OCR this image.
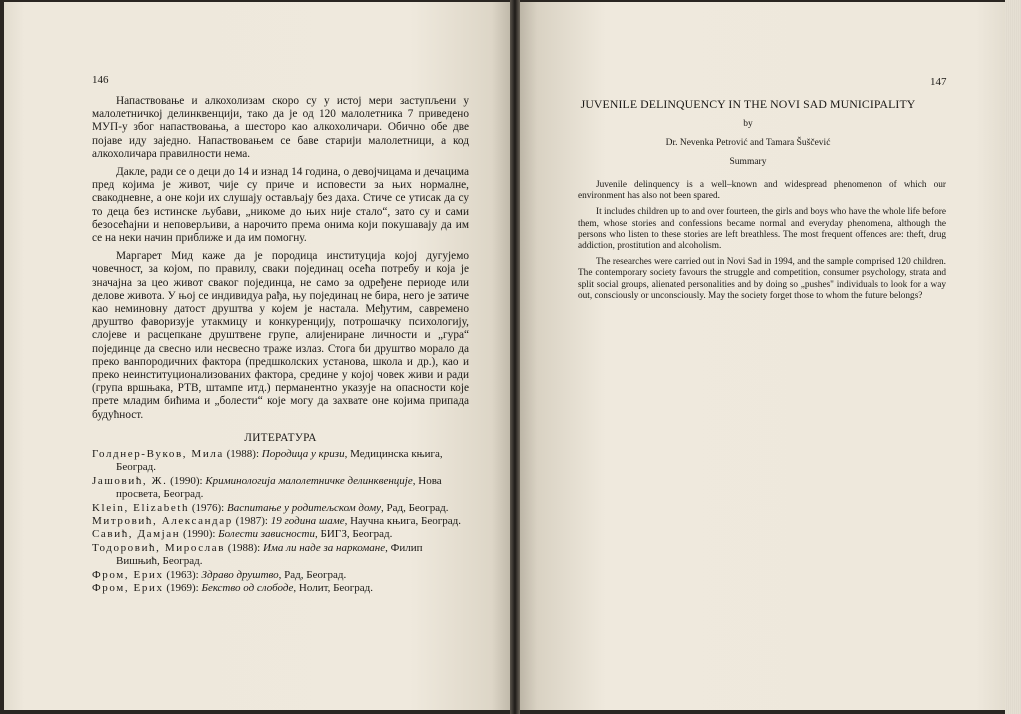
146

Напаствовање и алкохолизам скоро су у истој мери заступљени у малолетничкој делинквенцији, тако да је од 120 малолетника 7 приведено МУП-у због напаствовања, а шесторо као алкохоличари. Обично обе две појаве иду заједно. Напаствовањем се баве старији малолетници, а код алкохоличара правилности нема.

Дакле, ради се о деци до 14 и изнад 14 година, о девојчицама и дечацима пред којима је живот, чије су приче и исповести за њих нормалне, свакодневне, а оне који их слушају остављају без даха. Стиче се утисак да су то деца без истинске љубави, „никоме до њих није стало“, зато су и сами безосећајни и неповерљиви, а нарочито према онима који покушавају да им се на неки начин приближе и да им помогну.

Маргарет Мид каже да је породица институција којој дугујемо човечност, за којом, по правилу, сваки појединац осећа потребу и која је значајна за цео живот сваког појединца, не само за одређене периоде или делове живота. У њој се индивидуа рађа, њу појединац не бира, него је затиче као неминовну датост друштва у којем је настала. Међутим, савремено друштво фаворизује утакмицу и конкуренцију, потрошачку психологију, слојеве и расцепкане друштвене групе, алијениране личности и „гура“ појединце да свесно или несвесно траже излаз. Стога би друштво морало да преко ванпородичних фактора (предшколских установа, школа и др.), као и преко неинституционализованих фактора, средине у којој човек живи и ради (група вршњака, РТВ, штампе итд.) перманентно указује на опасности које прете младим бићима и „болести“ које могу да захвате оне којима припада будућност.

ЛИТЕРАТУРА

Голднер-Вуков, Мила (1988): Породица у кризи, Медицинска књига, Београд.

Јашовић, Ж. (1990): Криминологија малолетничке делинквенције, Нова просвета, Београд.

Klein, Elizabeth (1976): Васпитање у родитељском дому, Рад, Београд.

Митровић, Александар (1987): 19 година шаме, Научна књига, Београд.

Савић, Дамјан (1990): Болести зависности, БИГЗ, Београд.

Тодоровић, Мирослав (1988): Има ли наде за наркомане, Филип Вишњић, Београд.

Фром, Ерих (1963): Здраво друштво, Рад, Београд.

Фром, Ерих (1969): Бекство од слободе, Нолит, Београд.

147
JUVENILE DELINQUENCY IN THE NOVI SAD MUNICIPALITY
by
Dr. Nevenka Petrović and Tamara Šuščević
Summary

Juvenile delinquency is a well–known and widespread phenomenon of which our environment has also not been spared.

It includes children up to and over fourteen, the girls and boys who have the whole life before them, whose stories and confessions became normal and everyday phenomena, although the persons who listen to these stories are left breathless. The most frequent offences are: theft, drug addiction, prostitution and alcoholism.

The researches were carried out in Novi Sad in 1994, and the sample comprised 120 children. The contemporary society favours the struggle and competition, consumer psychology, strata and split social groups, alienated personalities and by doing so „pushes" individuals to look for a way out, consciously or unconsciously. May the society forget those to whom the future belongs?
